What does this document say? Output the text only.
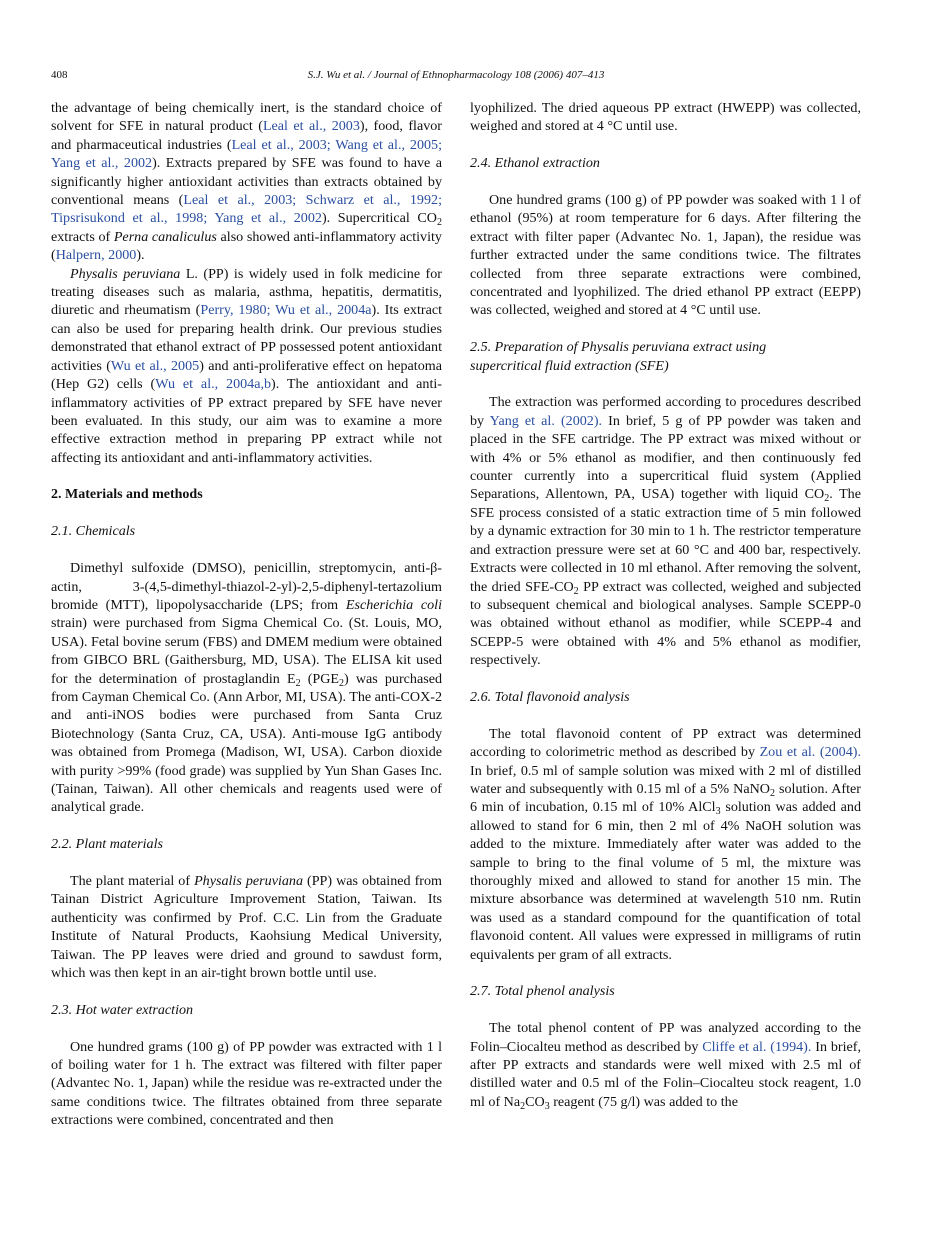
408	S.J. Wu et al. / Journal of Ethnopharmacology 108 (2006) 407–413

the advantage of being chemically inert, is the standard choice of solvent for SFE in natural product (Leal et al., 2003), food, flavor and pharmaceutical industries (Leal et al., 2003; Wang et al., 2005; Yang et al., 2002). Extracts prepared by SFE was found to have a significantly higher antioxidant activities than extracts obtained by conventional means (Leal et al., 2003; Schwarz et al., 1992; Tipsrisukond et al., 1998; Yang et al., 2002). Supercritical $CO_2$ extracts of Perna canaliculus also showed anti-inflammatory activity (Halpern, 2000).

Physalis peruviana L. (PP) is widely used in folk medicine for treating diseases such as malaria, asthma, hepatitis, dermatitis, diuretic and rheumatism (Perry, 1980; Wu et al., 2004a). Its extract can also be used for preparing health drink. Our previous studies demonstrated that ethanol extract of PP possessed potent antioxidant activities (Wu et al., 2005) and anti-proliferative effect on hepatoma (Hep G2) cells (Wu et al., 2004a,b). The antioxidant and anti-inflammatory activities of PP extract prepared by SFE have never been evaluated. In this study, our aim was to examine a more effective extraction method in preparing PP extract while not affecting its antioxidant and anti-inflammatory activities.

2. Materials and methods

2.1. Chemicals

Dimethyl sulfoxide (DMSO), penicillin, streptomycin, anti-β-actin, 3-(4,5-dimethyl-thiazol-2-yl)-2,5-diphenyl-tertazolium bromide (MTT), lipopolysaccharide (LPS; from Escherichia coli strain) were purchased from Sigma Chemical Co. (St. Louis, MO, USA). Fetal bovine serum (FBS) and DMEM medium were obtained from GIBCO BRL (Gaithersburg, MD, USA). The ELISA kit used for the determination of prostaglandin $E_2$ $(PGE_2)$ was purchased from Cayman Chemical Co. (Ann Arbor, MI, USA). The anti-COX-2 and anti-iNOS bodies were purchased from Santa Cruz Biotechnology (Santa Cruz, CA, USA). Anti-mouse IgG antibody was obtained from Promega (Madison, WI, USA). Carbon dioxide with purity >99% (food grade) was supplied by Yun Shan Gases Inc. (Tainan, Taiwan). All other chemicals and reagents used were of analytical grade.

2.2. Plant materials

The plant material of Physalis peruviana (PP) was obtained from Tainan District Agriculture Improvement Station, Taiwan. Its authenticity was confirmed by Prof. C.C. Lin from the Graduate Institute of Natural Products, Kaohsiung Medical University, Taiwan. The PP leaves were dried and ground to sawdust form, which was then kept in an air-tight brown bottle until use.

2.3. Hot water extraction

One hundred grams (100 g) of PP powder was extracted with 1 l of boiling water for 1 h. The extract was filtered with filter paper (Advantec No. 1, Japan) while the residue was re-extracted under the same conditions twice. The filtrates obtained from three separate extractions were combined, concentrated and then

lyophilized. The dried aqueous PP extract (HWEPP) was collected, weighed and stored at 4 °C until use.

2.4. Ethanol extraction

One hundred grams (100 g) of PP powder was soaked with 1 l of ethanol (95%) at room temperature for 6 days. After filtering the extract with filter paper (Advantec No. 1, Japan), the residue was further extracted under the same conditions twice. The filtrates collected from three separate extractions were combined, concentrated and lyophilized. The dried ethanol PP extract (EEPP) was collected, weighed and stored at 4 °C until use.

2.5. Preparation of Physalis peruviana extract using
supercritical fluid extraction (SFE)

The extraction was performed according to procedures described by Yang et al. (2002). In brief, 5 g of PP powder was taken and placed in the SFE cartridge. The PP extract was mixed without or with 4% or 5% ethanol as modifier, and then continuously fed counter currently into a supercritical fluid system (Applied Separations, Allentown, PA, USA) together with liquid $CO_2$. The SFE process consisted of a static extraction time of 5 min followed by a dynamic extraction for 30 min to 1 h. The restrictor temperature and extraction pressure were set at 60 °C and 400 bar, respectively. Extracts were collected in 10 ml ethanol. After removing the solvent, the dried SFE-$CO_2$ PP extract was collected, weighed and subjected to subsequent chemical and biological analyses. Sample SCEPP-0 was obtained without ethanol as modifier, while SCEPP-4 and SCEPP-5 were obtained with 4% and 5% ethanol as modifier, respectively.

2.6. Total flavonoid analysis

The total flavonoid content of PP extract was determined according to colorimetric method as described by Zou et al. (2004). In brief, 0.5 ml of sample solution was mixed with 2 ml of distilled water and subsequently with 0.15 ml of a 5% NaNO$_2$ solution. After 6 min of incubation, 0.15 ml of 10% AlCl$_3$ solution was added and allowed to stand for 6 min, then 2 ml of 4% NaOH solution was added to the mixture. Immediately after water was added to the sample to bring to the final volume of 5 ml, the mixture was thoroughly mixed and allowed to stand for another 15 min. The mixture absorbance was determined at wavelength 510 nm. Rutin was used as a standard compound for the quantification of total flavonoid content. All values were expressed in milligrams of rutin equivalents per gram of all extracts.

2.7. Total phenol analysis

The total phenol content of PP was analyzed according to the Folin–Ciocalteu method as described by Cliffe et al. (1994). In brief, after PP extracts and standards were well mixed with 2.5 ml of distilled water and 0.5 ml of the Folin–Ciocalteu stock reagent, 1.0 ml of $Na_2CO_3$ reagent (75 g/l) was added to the
